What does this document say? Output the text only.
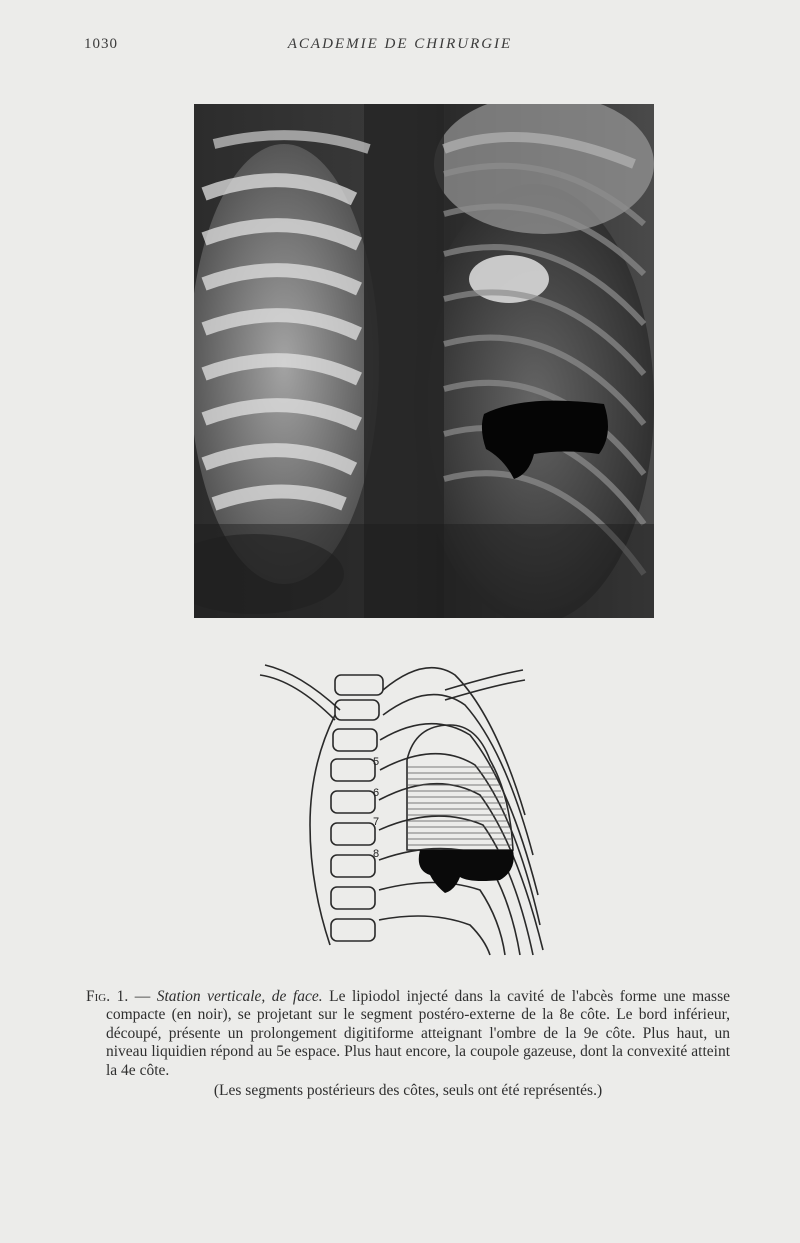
1030	ACADEMIE DE CHIRURGIE
5
6
7
8

Fig. 1. — Station verticale, de face. Le lipiodol injecté dans la cavité de l'abcès forme une masse compacte (en noir), se projetant sur le segment postéro-externe de la 8e côte. Le bord inférieur, découpé, présente un prolongement digitiforme atteignant l'ombre de la 9e côte. Plus haut, un niveau liquidien répond au 5e espace. Plus haut encore, la coupole gazeuse, dont la convexité atteint la 4e côte.

(Les segments postérieurs des côtes, seuls ont été représentés.)
